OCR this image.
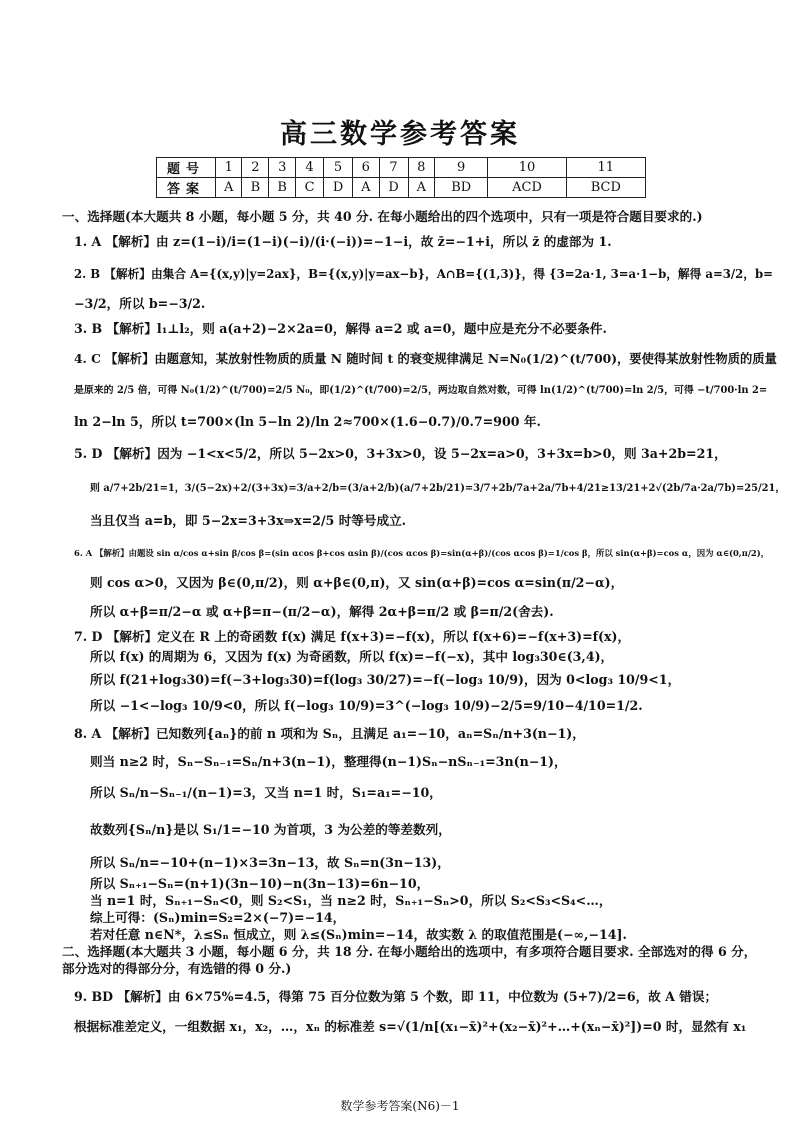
高三数学参考答案
题号	1	2	3	4	5	6	7	8	9	10	11
答案	A	B	B	C	D	A	D	A	BD	ACD	BCD
一、选择题(本大题共 8 小题，每小题 5 分，共 40 分. 在每小题给出的四个选项中，只有一项是符合题目要求的.)
1. A 【解析】由 z=(1−i)/i=(1−i)(−i)/(i·(−i))=−1−i，故 z̄=−1+i，所以 z̄ 的虚部为 1.
2. B 【解析】由集合 A={(x,y)|y=2ax}，B={(x,y)|y=ax−b}，A∩B={(1,3)}，得 {3=2a·1, 3=a·1−b，解得 a=3/2，b=
−3/2，所以 b=−3/2.
3. B 【解析】l₁⊥l₂，则 a(a+2)−2×2a=0，解得 a=2 或 a=0，题中应是充分不必要条件.
4. C 【解析】由题意知，某放射性物质的质量 N 随时间 t 的衰变规律满足 N=N₀(1/2)^(t/700)，要使得某放射性物质的质量
是原来的 2/5 倍，可得 N₀(1/2)^(t/700)=2/5 N₀，即(1/2)^(t/700)=2/5，两边取自然对数，可得 ln(1/2)^(t/700)=ln 2/5，可得 −t/700·ln 2=
ln 2−ln 5，所以 t=700×(ln 5−ln 2)/ln 2≈700×(1.6−0.7)/0.7=900 年.
5. D 【解析】因为 −1<x<5/2，所以 5−2x>0，3+3x>0，设 5−2x=a>0，3+3x=b>0，则 3a+2b=21，
则 a/7+2b/21=1，3/(5−2x)+2/(3+3x)=3/a+2/b=(3/a+2/b)(a/7+2b/21)=3/7+2b/7a+2a/7b+4/21≥13/21+2√(2b/7a·2a/7b)=25/21，
当且仅当 a=b，即 5−2x=3+3x⇒x=2/5 时等号成立.
6. A 【解析】由题设 sin α/cos α+sin β/cos β=(sin αcos β+cos αsin β)/(cos αcos β)=sin(α+β)/(cos αcos β)=1/cos β，所以 sin(α+β)=cos α，因为 α∈(0,π/2)，
则 cos α>0，又因为 β∈(0,π/2)，则 α+β∈(0,π)，又 sin(α+β)=cos α=sin(π/2−α)，
所以 α+β=π/2−α 或 α+β=π−(π/2−α)，解得 2α+β=π/2 或 β=π/2(舍去).
7. D 【解析】定义在 R 上的奇函数 f(x) 满足 f(x+3)=−f(x)，所以 f(x+6)=−f(x+3)=f(x)，
所以 f(x) 的周期为 6，又因为 f(x) 为奇函数，所以 f(x)=−f(−x)，其中 log₃30∈(3,4)，
所以 f(21+log₃30)=f(−3+log₃30)=f(log₃ 30/27)=−f(−log₃ 10/9)，因为 0<log₃ 10/9<1，
所以 −1<−log₃ 10/9<0，所以 f(−log₃ 10/9)=3^(−log₃ 10/9)−2/5=9/10−4/10=1/2.
8. A 【解析】已知数列{aₙ}的前 n 项和为 Sₙ，且满足 a₁=−10，aₙ=Sₙ/n+3(n−1)，
则当 n≥2 时，Sₙ−Sₙ₋₁=Sₙ/n+3(n−1)，整理得(n−1)Sₙ−nSₙ₋₁=3n(n−1)，
所以 Sₙ/n−Sₙ₋₁/(n−1)=3，又当 n=1 时，S₁=a₁=−10，
故数列{Sₙ/n}是以 S₁/1=−10 为首项，3 为公差的等差数列，
所以 Sₙ/n=−10+(n−1)×3=3n−13，故 Sₙ=n(3n−13)，
所以 Sₙ₊₁−Sₙ=(n+1)(3n−10)−n(3n−13)=6n−10，
当 n=1 时，Sₙ₊₁−Sₙ<0，则 S₂<S₁，当 n≥2 时，Sₙ₊₁−Sₙ>0，所以 S₂<S₃<S₄<…，
综上可得：(Sₙ)min=S₂=2×(−7)=−14，
若对任意 n∈N*，λ≤Sₙ 恒成立，则 λ≤(Sₙ)min=−14，故实数 λ 的取值范围是(−∞,−14].
二、选择题(本大题共 3 小题，每小题 6 分，共 18 分. 在每小题给出的选项中，有多项符合题目要求. 全部选对的得 6 分，
部分选对的得部分分，有选错的得 0 分.)
9. BD 【解析】由 6×75%=4.5，得第 75 百分位数为第 5 个数，即 11，中位数为 (5+7)/2=6，故 A 错误；
根据标准差定义，一组数据 x₁，x₂，…，xₙ 的标准差 s=√(1/n[(x₁−x̄)²+(x₂−x̄)²+…+(xₙ−x̄)²])=0 时，显然有 x₁
数学参考答案(N6)－1
